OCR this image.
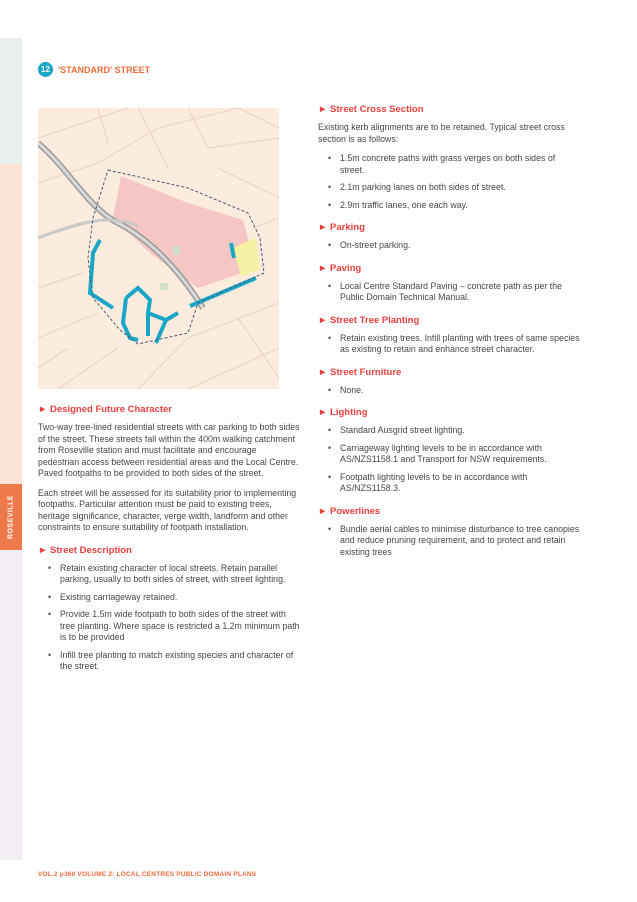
ROSEVILLE
12 'STANDARD' STREET
► Designed Future Character

Two-way tree-lined residential streets with car parking to both sides of the street. These streets fall within the 400m walking catchment from Roseville station and must facilitate and encourage pedestrian access between residential areas and the Local Centre. Paved footpaths to be provided to both sides of the street.

Each street will be assessed for its suitability prior to implementing footpaths. Particular attention must be paid to existing trees, heritage significance, character, verge width, landform and other constraints to ensure suitability of footpath installation.

► Street Description
• Retain existing character of local streets. Retain parallel parking, usually to both sides of street, with street lighting.
• Existing carriageway retained.
• Provide 1.5m wide footpath to both sides of the street with tree planting. Where space is restricted a 1.2m minimum path is to be provided
• Infill tree planting to match existing species and character of the street.
► Street Cross Section

Existing kerb alignments are to be retained. Typical street cross section is as follows:

• 1.5m concrete paths with grass verges on both sides of street.
• 2.1m parking lanes on both sides of street.
• 2.9m traffic lanes, one each way.
► Parking
• On-street parking.
► Paving
• Local Centre Standard Paving – concrete path as per the Public Domain Technical Manual.
► Street Tree Planting
• Retain existing trees. Infill planting with trees of same species as existing to retain and enhance street character.
► Street Furniture
• None.
► Lighting
• Standard Ausgrid street lighting.
• Carriageway lighting levels to be in accordance with AS/NZS1158.1 and Transport for NSW requirements.
• Footpath lighting levels to be in accordance with AS/NZS1158.3.
► Powerlines
• Bundle aerial cables to minimise disturbance to tree canopies and reduce pruning requirement, and to protect and retain existing trees
VOL.2 p360 VOLUME 2: LOCAL CENTRES PUBLIC DOMAIN PLANS
